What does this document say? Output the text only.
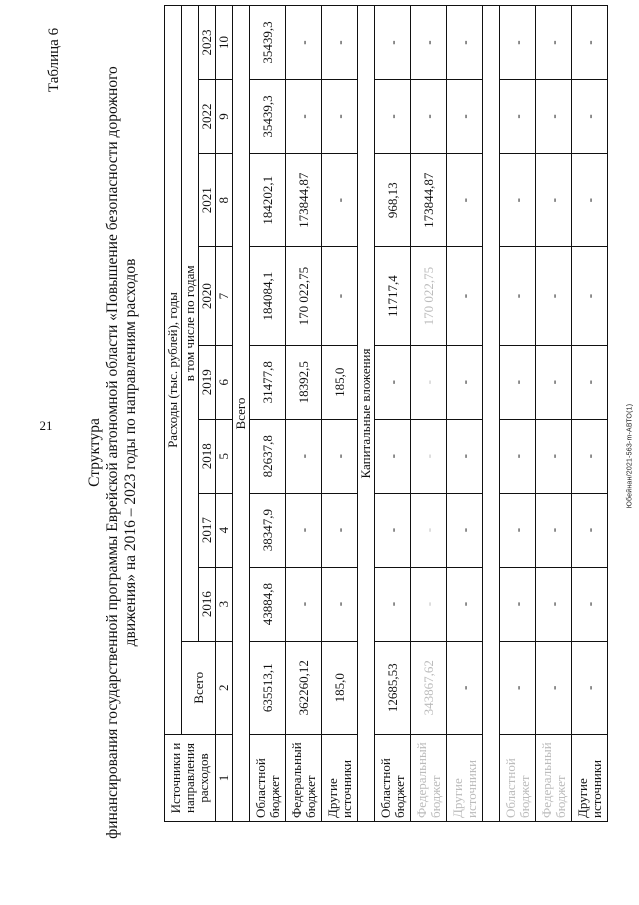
21	Юбейнан/2021-563-m-АВТО(1)
Таблица 6
Структура финансирования государственной программы Еврейской автономной области «Повышение безопасности дорожного движения» на 2016 – 2023 годы по направлениям расходов
Источники и направления расходов	Расходы (тыс. рублей), годы								
	Всего	в том числе по годам							
		2016	2017	2018	2019	2020	2021	2022	2023
1	2	3	4	5	6	7	8	9	10
Всего									
Областной бюджет	635513,1	43884,8	38347,9	82637,8	31477,8	184084,1	184202,1	35439,3	35439,3
Федеральный бюджет	362260,12	-	-	-	18392,5	170 022,75	173844,87	-	-
Другие источники	185,0	-	-	-	185,0	-	-	-	-
Капитальные вложения									
Областной бюджет	12685,53	-	-	-	-	11717,4	968,13	-	-
Федеральный бюджет	343867,62	-	-	-	-	170 022,75	173844,87	-	-
Другие источники	-	-	-	-	-	-	-	-	-

Областной бюджет	-	-	-	-	-	-	-	-	-
Федеральный бюджет	-	-	-	-	-	-	-	-	-
Другие источники	-	-	-	-	-	-	-	-	-
